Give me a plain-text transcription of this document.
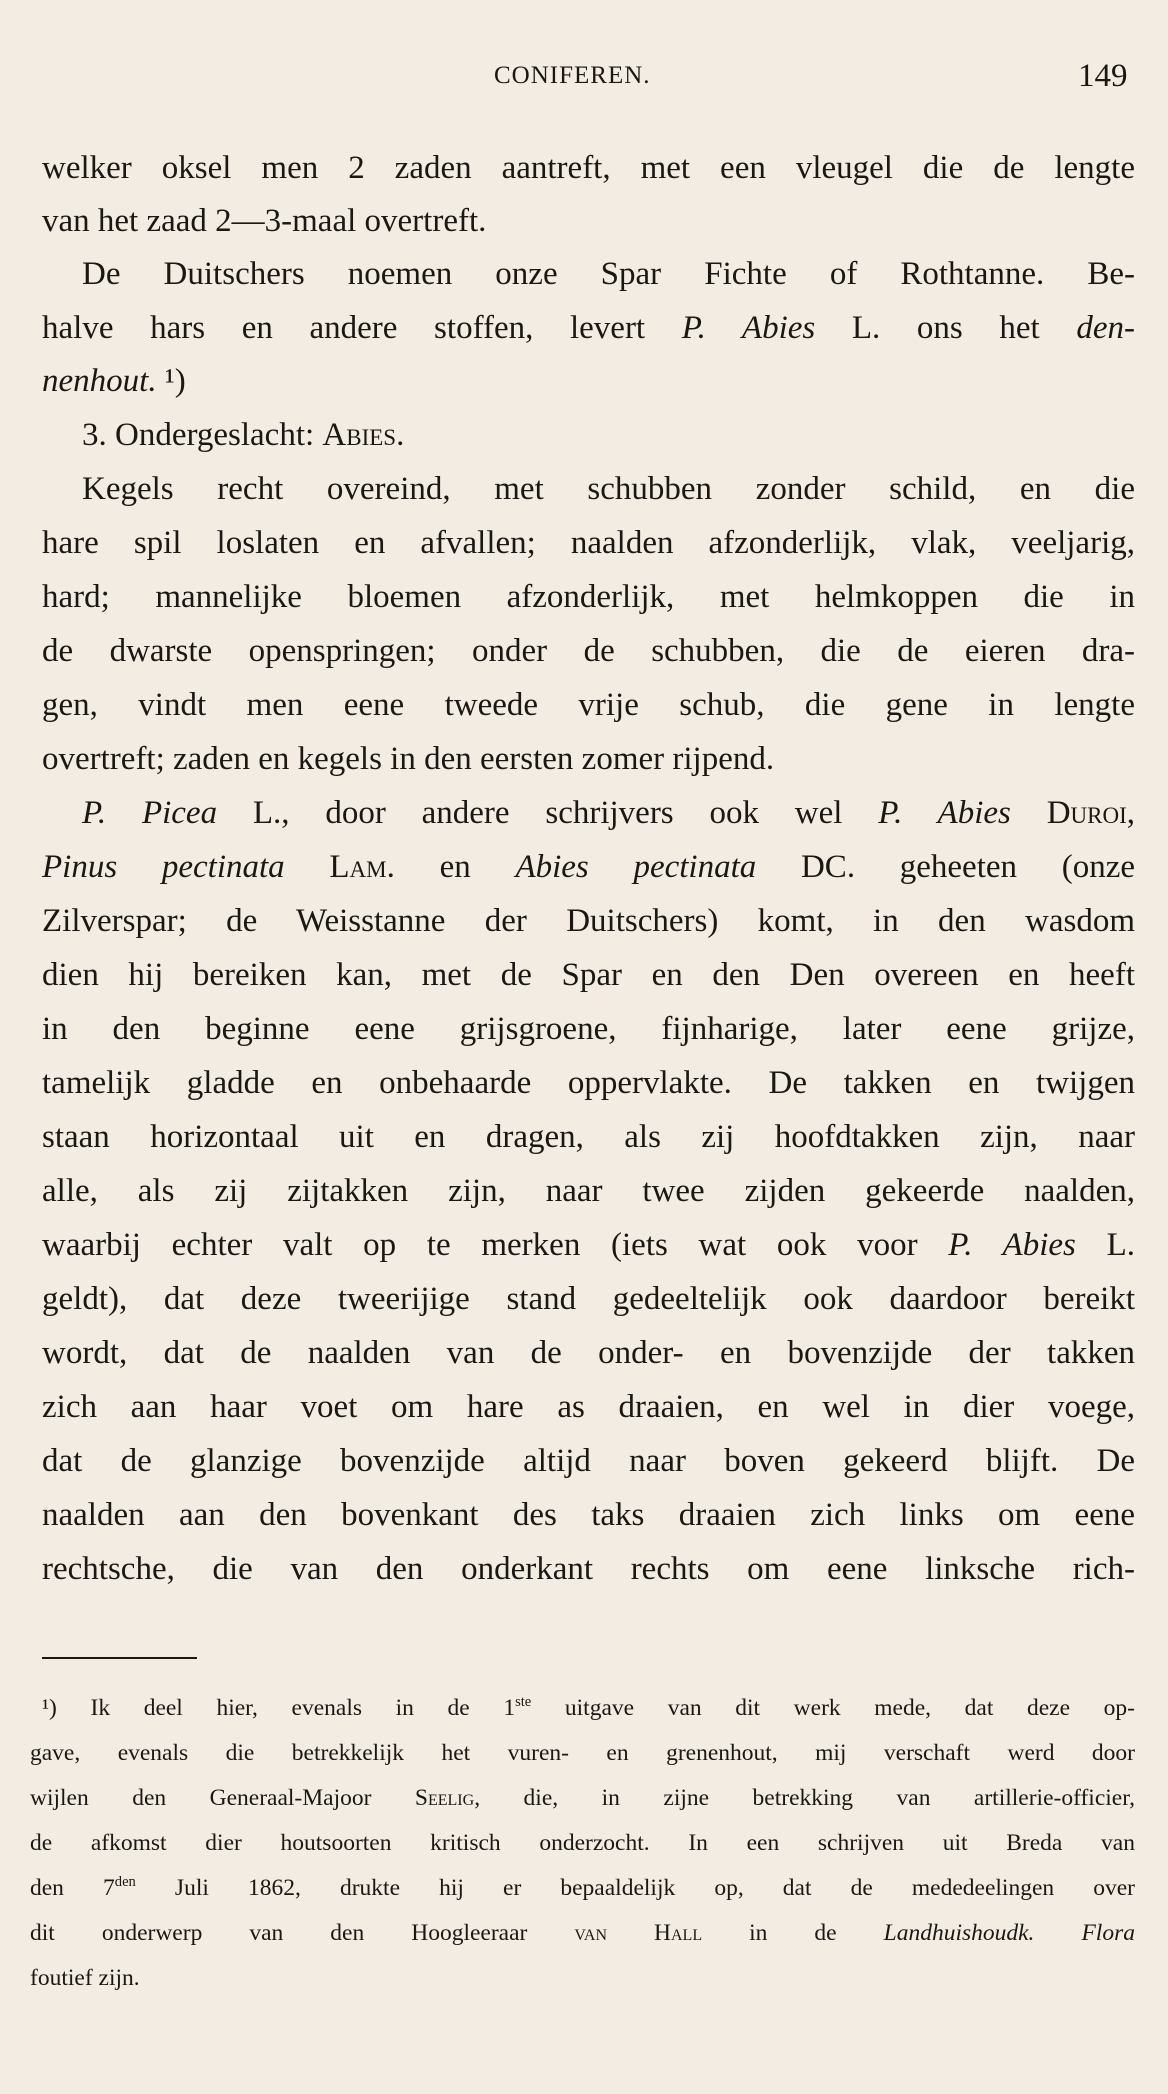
CONIFEREN.	149
welker oksel men 2 zaden aantreft, met een vleugel die de lengte
van het zaad 2—3-maal overtreft.
De Duitschers noemen onze Spar Fichte of Rothtanne. Be-
halve hars en andere stoffen, levert P. Abies L. ons het den-
nenhout. ¹)
3. Ondergeslacht: Abies.
Kegels recht overeind, met schubben zonder schild, en die
hare spil loslaten en afvallen; naalden afzonderlijk, vlak, veeljarig,
hard; mannelijke bloemen afzonderlijk, met helmkoppen die in
de dwarste openspringen; onder de schubben, die de eieren dra-
gen, vindt men eene tweede vrije schub, die gene in lengte
overtreft; zaden en kegels in den eersten zomer rijpend.
P. Picea L., door andere schrijvers ook wel P. Abies Duroi,
Pinus pectinata Lam. en Abies pectinata DC. geheeten (onze
Zilverspar; de Weisstanne der Duitschers) komt, in den wasdom
dien hij bereiken kan, met de Spar en den Den overeen en heeft
in den beginne eene grijsgroene, fijnharige, later eene grijze,
tamelijk gladde en onbehaarde oppervlakte. De takken en twijgen
staan horizontaal uit en dragen, als zij hoofdtakken zijn, naar
alle, als zij zijtakken zijn, naar twee zijden gekeerde naalden,
waarbij echter valt op te merken (iets wat ook voor P. Abies L.
geldt), dat deze tweerijige stand gedeeltelijk ook daardoor bereikt
wordt, dat de naalden van de onder- en bovenzijde der takken
zich aan haar voet om hare as draaien, en wel in dier voege,
dat de glanzige bovenzijde altijd naar boven gekeerd blijft. De
naalden aan den bovenkant des taks draaien zich links om eene
rechtsche, die van den onderkant rechts om eene linksche rich-
¹) Ik deel hier, evenals in de 1ste uitgave van dit werk mede, dat deze op-
gave, evenals die betrekkelijk het vuren- en grenenhout, mij verschaft werd door
wijlen den Generaal-Majoor Seelig, die, in zijne betrekking van artillerie-officier,
de afkomst dier houtsoorten kritisch onderzocht. In een schrijven uit Breda van
den $7^{den}$ Juli 1862, drukte hij er bepaaldelijk op, dat de mededeelingen over
dit onderwerp van den Hoogleeraar van Hall in de Landhuishoudk. Flora
foutief zijn.
